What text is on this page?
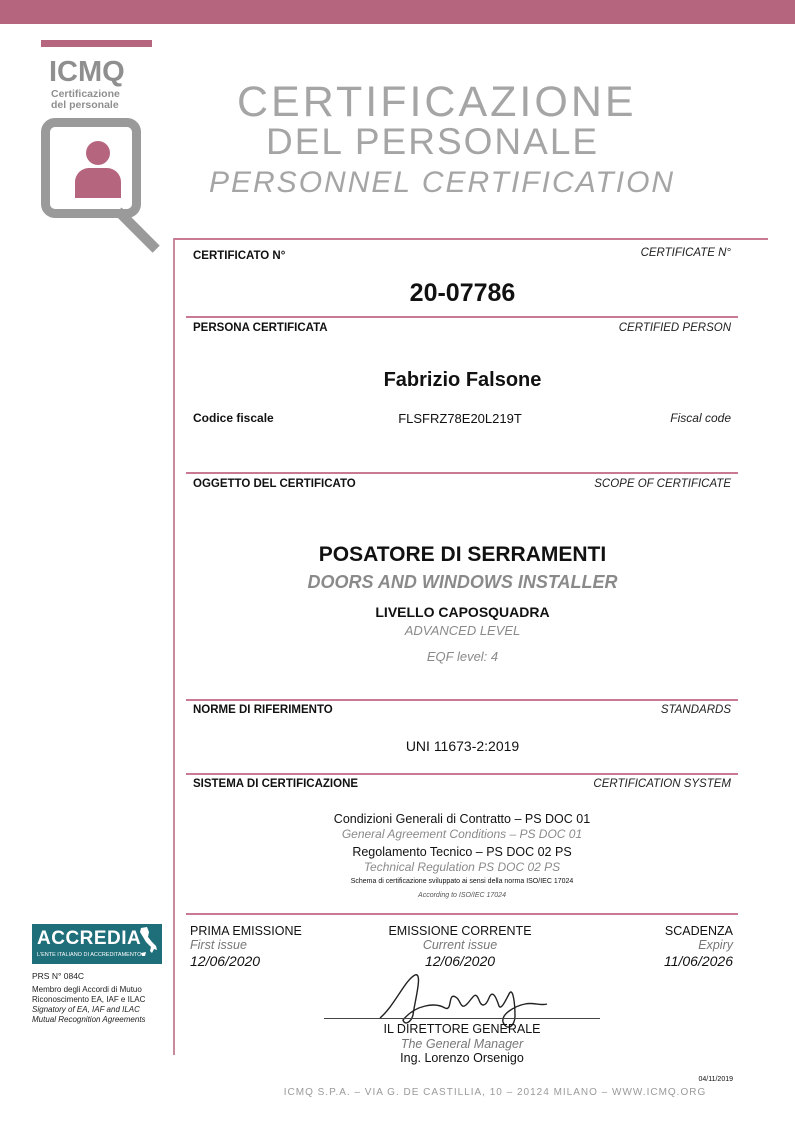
ICMQ
Certificazione
del personale	CERTIFICAZIONE
DEL PERSONALE
PERSONNEL CERTIFICATION
CERTIFICATO N°	CERTIFICATE N°
20-07786
PERSONA CERTIFICATA	CERTIFIED PERSON
Fabrizio Falsone
Codice fiscale	FLSFRZ78E20L219T	Fiscal code
OGGETTO DEL CERTIFICATO	SCOPE OF CERTIFICATE
POSATORE DI SERRAMENTI
DOORS AND WINDOWS INSTALLER
LIVELLO CAPOSQUADRA
ADVANCED LEVEL
EQF level: 4
NORME DI RIFERIMENTO	STANDARDS
UNI 11673-2:2019
SISTEMA DI CERTIFICAZIONE	CERTIFICATION SYSTEM
Condizioni Generali di Contratto – PS DOC 01
General Agreement Conditions – PS DOC 01
Regolamento Tecnico – PS DOC 02 PS
Technical Regulation PS DOC 02 PS
Schema di certificazione sviluppato ai sensi della norma ISO/IEC 17024
According to ISO/IEC 17024
PRIMA EMISSIONE
First issue
12/06/2020
EMISSIONE CORRENTE
Current issue
12/06/2020
SCADENZA
Expiry
11/06/2026
IL DIRETTORE GENERALE
The General Manager
Ing. Lorenzo Orsenigo
ACCREDIA
L'ENTE ITALIANO DI ACCREDITAMENTO
PRS N° 084C
Membro degli Accordi di Mutuo
Riconoscimento EA, IAF e ILAC
Signatory of EA, IAF and ILAC
Mutual Recognition Agreements
04/11/2019
ICMQ S.P.A. – VIA G. DE CASTILLIA, 10 – 20124 MILANO – WWW.ICMQ.ORG
